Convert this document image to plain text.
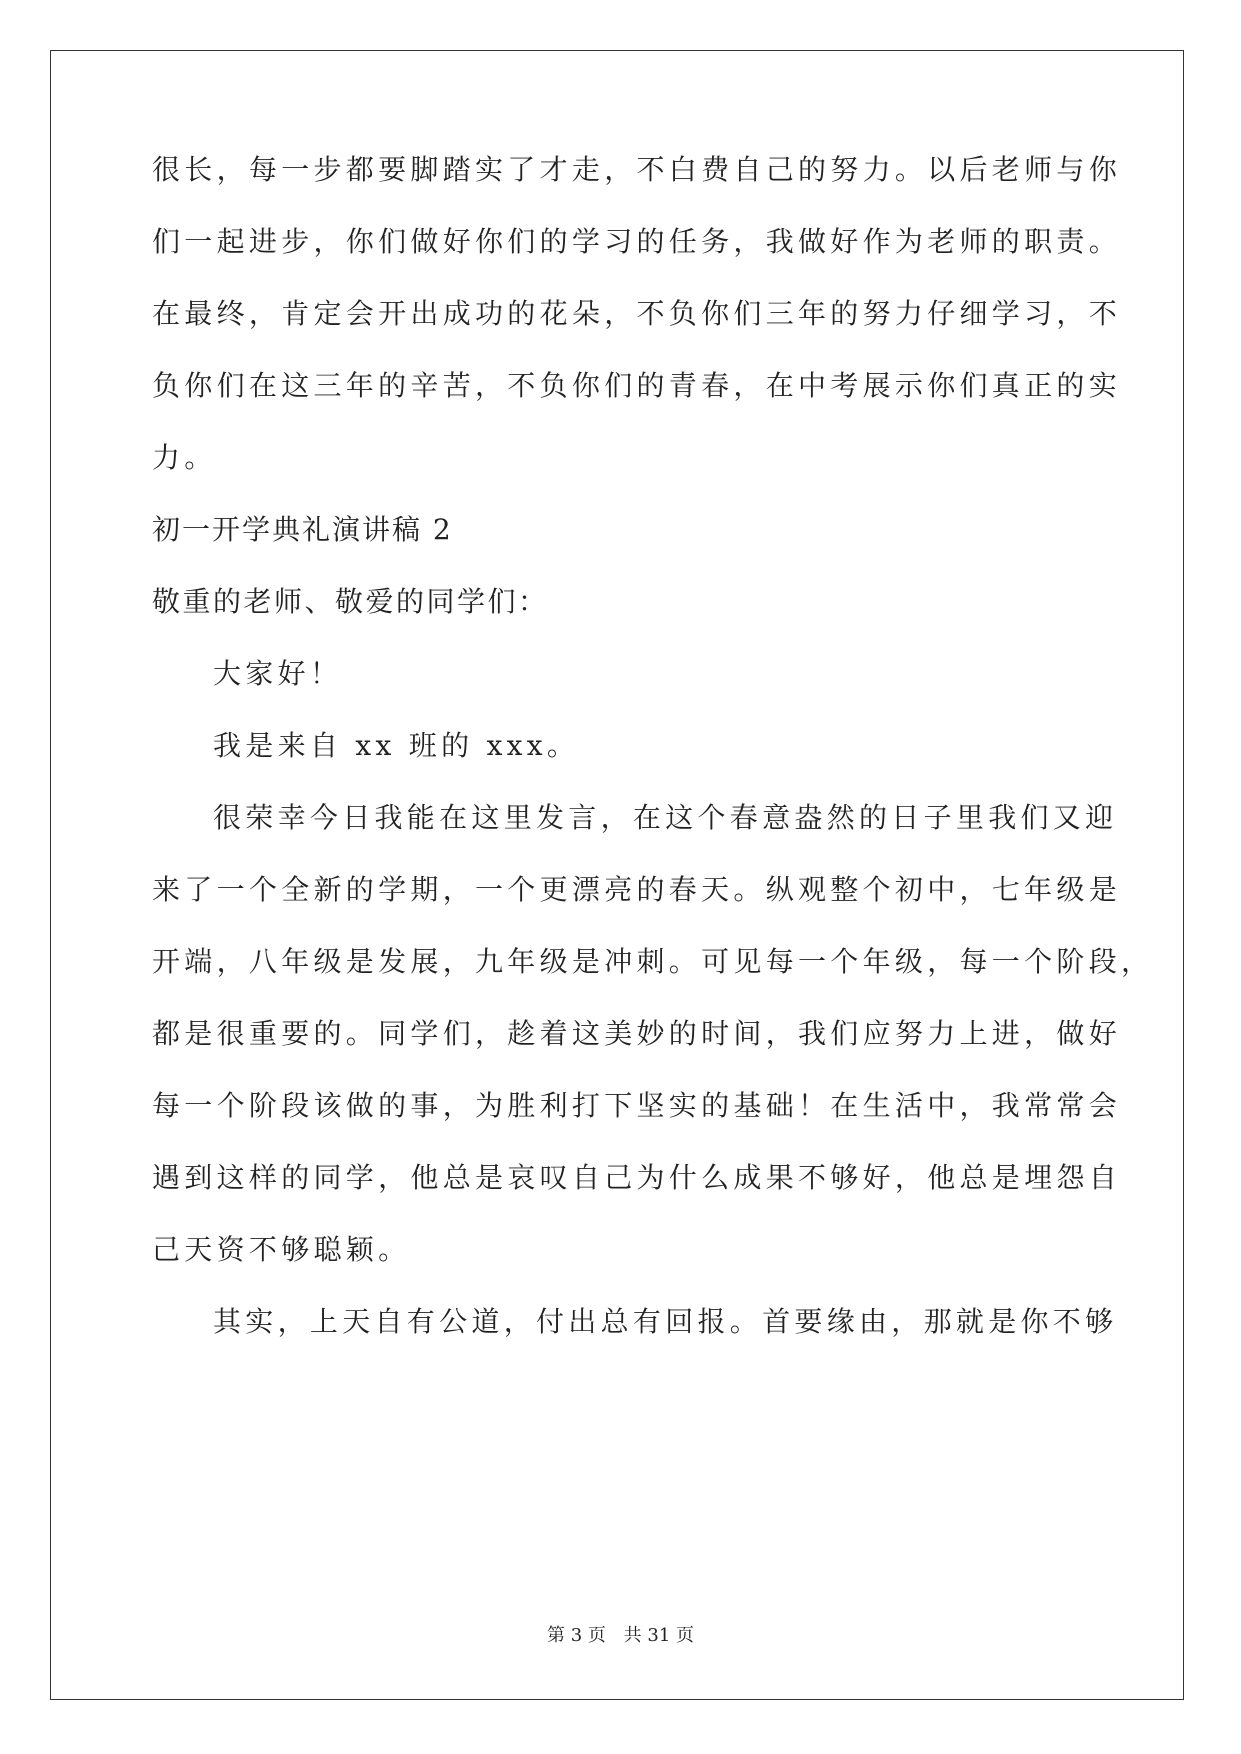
很长，每一步都要脚踏实了才走，不白费自己的努力。以后老师与你
们一起进步，你们做好你们的学习的任务，我做好作为老师的职责。
在最终，肯定会开出成功的花朵，不负你们三年的努力仔细学习，不
负你们在这三年的辛苦，不负你们的青春，在中考展示你们真正的实
力。
初一开学典礼演讲稿 2
敬重的老师、敬爱的同学们：
大家好！
我是来自 xx 班的 xxx。
很荣幸今日我能在这里发言，在这个春意盎然的日子里我们又迎
来了一个全新的学期，一个更漂亮的春天。纵观整个初中，七年级是
开端，八年级是发展，九年级是冲刺。可见每一个年级，每一个阶段，
都是很重要的。同学们，趁着这美妙的时间，我们应努力上进，做好
每一个阶段该做的事，为胜利打下坚实的基础！在生活中，我常常会
遇到这样的同学，他总是哀叹自己为什么成果不够好，他总是埋怨自
己天资不够聪颖。
其实，上天自有公道，付出总有回报。首要缘由，那就是你不够
第 3 页 共 31 页
